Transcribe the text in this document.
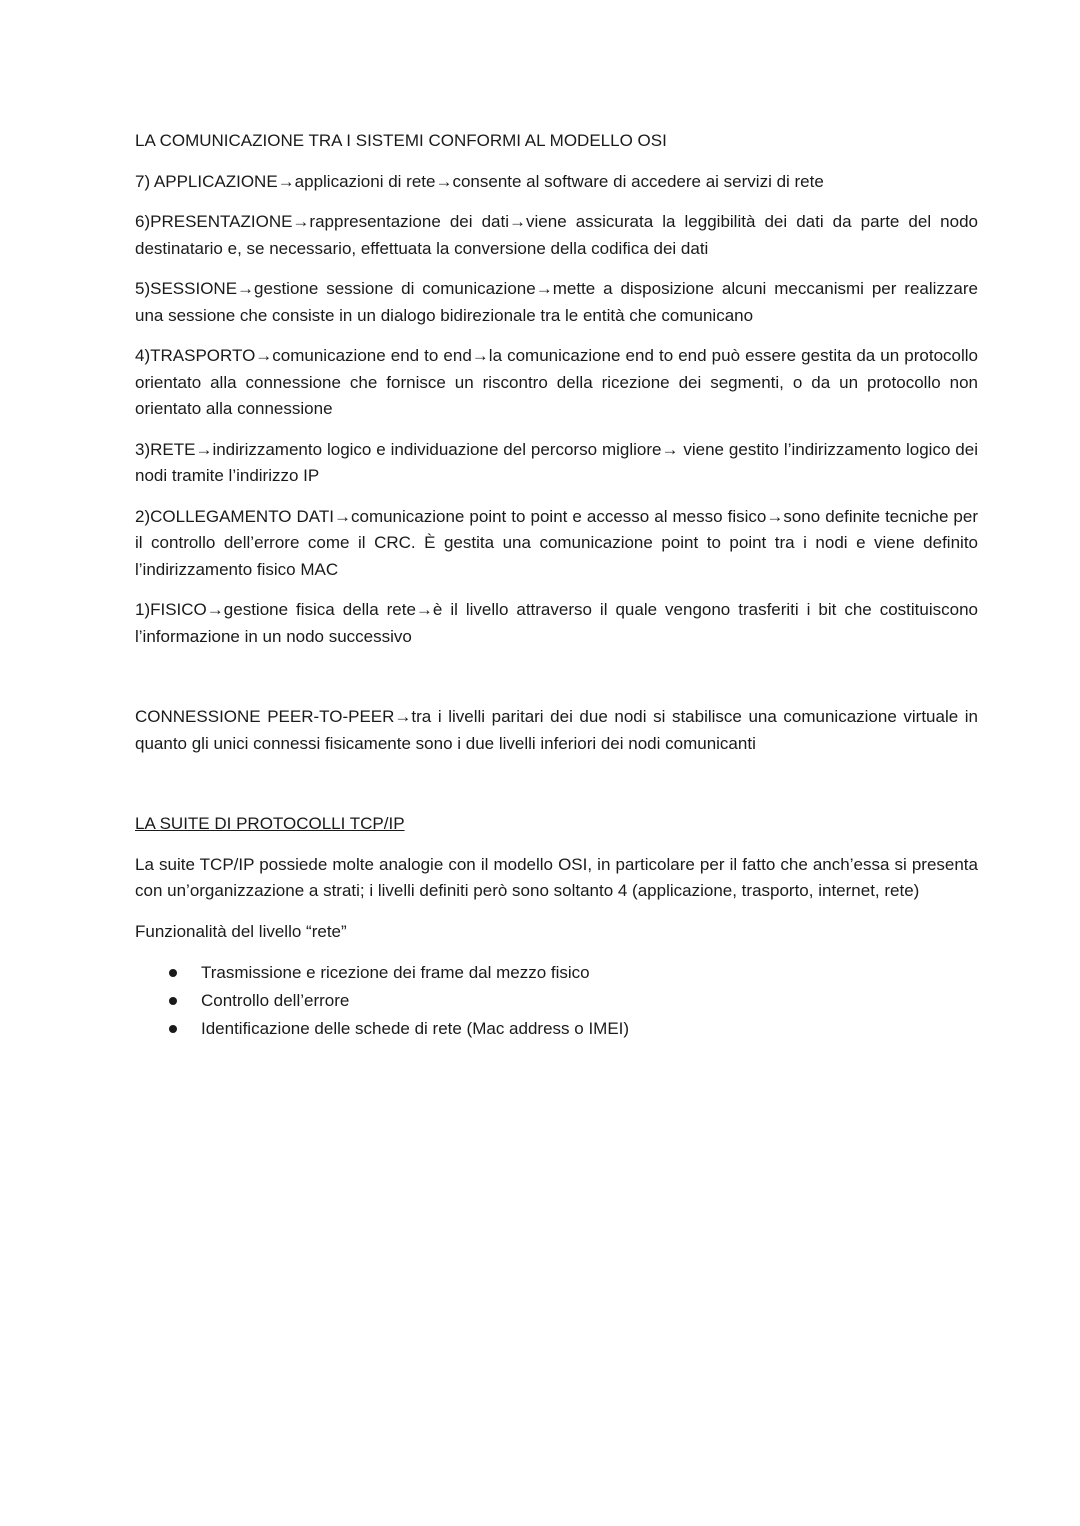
LA COMUNICAZIONE TRA I SISTEMI CONFORMI AL MODELLO OSI

7) APPLICAZIONE→applicazioni di rete→consente al software di accedere ai servizi di rete

6)PRESENTAZIONE→rappresentazione dei dati→viene assicurata la leggibilità dei dati da parte del nodo destinatario e, se necessario, effettuata la conversione della codifica dei dati

5)SESSIONE→gestione sessione di comunicazione→mette a disposizione alcuni meccanismi per realizzare una sessione che consiste in un dialogo bidirezionale tra le entità che comunicano

4)TRASPORTO→comunicazione end to end→la comunicazione end to end può essere gestita da un protocollo orientato alla connessione che fornisce un riscontro della ricezione dei segmenti, o da un protocollo non orientato alla connessione

3)RETE→indirizzamento logico e individuazione del percorso migliore→ viene gestito l’indirizzamento logico dei nodi tramite l’indirizzo IP

2)COLLEGAMENTO DATI→comunicazione point to point e accesso al messo fisico→sono definite tecniche per il controllo dell’errore come il CRC. È gestita una comunicazione point to point tra i nodi e viene definito l’indirizzamento fisico MAC

1)FISICO→gestione fisica della rete→è il livello attraverso il quale vengono trasferiti i bit che costituiscono l’informazione in un nodo successivo

CONNESSIONE PEER-TO-PEER→tra i livelli paritari dei due nodi si stabilisce una comunicazione virtuale in quanto gli unici connessi fisicamente sono i due livelli inferiori dei nodi comunicanti

LA SUITE DI PROTOCOLLI TCP/IP

La suite TCP/IP possiede molte analogie con il modello OSI, in particolare per il fatto che anch’essa si presenta con un’organizzazione a strati; i livelli definiti però sono soltanto 4 (applicazione, trasporto, internet, rete)

Funzionalità del livello “rete”

Trasmissione e ricezione dei frame dal mezzo fisico
Controllo dell’errore
Identificazione delle schede di rete (Mac address o IMEI)
